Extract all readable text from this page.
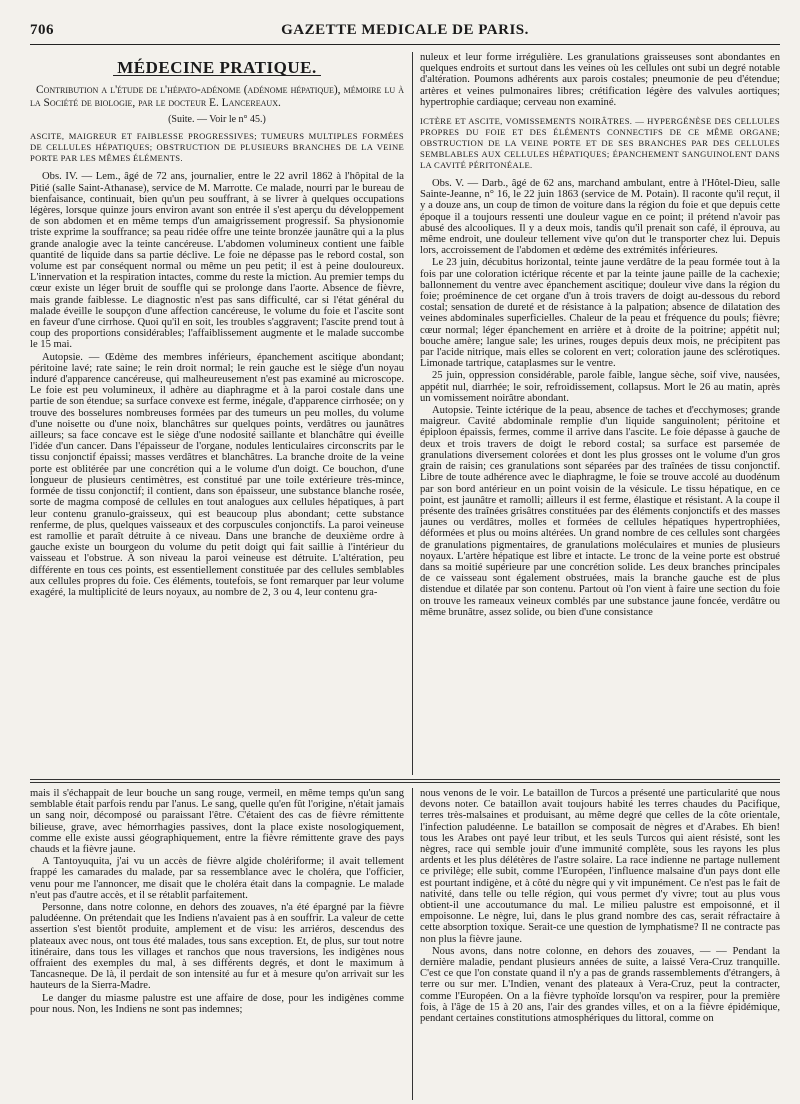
706	GAZETTE MEDICALE DE PARIS.
MÉDECINE PRATIQUE.
Contribution a l'étude de l'hépato-adénome (adénome hépatique), mémoire lu à la Société de biologie, par le docteur E. Lancereaux.
(Suite. — Voir le n° 45.)
ASCITE, MAIGREUR ET FAIBLESSE PROGRESSIVES; TUMEURS MULTIPLES FORMÉES DE CELLULES HÉPATIQUES; OBSTRUCTION DE PLUSIEURS BRANCHES DE LA VEINE PORTE PAR LES MÊMES ÉLÉMENTS.

Obs. IV. — Lem., âgé de 72 ans, journalier, entre le 22 avril 1862 à l'hôpital de la Pitié (salle Saint-Athanase), service de M. Marrotte. Ce malade, nourri par le bureau de bienfaisance, continuait, bien qu'un peu souffrant, à se livrer à quelques occupations légères, lorsque quinze jours environ avant son entrée il s'est aperçu du développement de son abdomen et en même temps d'un amaigrissement progressif. Sa physionomie triste exprime la souffrance; sa peau ridée offre une teinte bronzée jaunâtre qui a la plus grande analogie avec la teinte cancéreuse. L'abdomen volumineux contient une faible quantité de liquide dans sa partie déclive. Le foie ne dépasse pas le rebord costal, son volume est par conséquent normal ou même un peu petit; il est à peine douloureux. L'innervation et la respiration intactes, comme du reste la miction. Au premier temps du cœur existe un léger bruit de souffle qui se prolonge dans l'aorte. Absence de fièvre, mais grande faiblesse. Le diagnostic n'est pas sans difficulté, car si l'état général du malade éveille le soupçon d'une affection cancéreuse, le volume du foie et l'ascite sont en faveur d'une cirrhose. Quoi qu'il en soit, les troubles s'aggravent; l'ascite prend tout à coup des proportions considérables; l'affaiblissement augmente et le malade succombe le 15 mai.

Autopsie. — Œdème des membres inférieurs, épanchement ascitique abondant; péritoine lavé; rate saine; le rein droit normal; le rein gauche est le siège d'un noyau induré d'apparence cancéreuse, qui malheureusement n'est pas examiné au microscope. Le foie est peu volumineux, il adhère au diaphragme et à la paroi costale dans une partie de son étendue; sa surface convexe est ferme, inégale, d'apparence cirrhosée; on y trouve des bosselures nombreuses formées par des tumeurs un peu molles, du volume d'une noisette ou d'une noix, blanchâtres sur quelques points, verdâtres ou jaunâtres ailleurs; sa face concave est le siège d'une nodosité saillante et blanchâtre qui éveille l'idée d'un cancer. Dans l'épaisseur de l'organe, nodules lenticulaires circonscrits par le tissu conjonctif épaissi; masses verdâtres et blanchâtres. La branche droite de la veine porte est oblitérée par une concrétion qui a le volume d'un doigt. Ce bouchon, d'une longueur de plusieurs centimètres, est constitué par une toile extérieure très-mince, formée de tissu conjonctif; il contient, dans son épaisseur, une substance blanche rosée, sorte de magma composé de cellules en tout analogues aux cellules hépatiques, à part leur contenu granulo-graisseux, qui est beaucoup plus abondant; cette substance renferme, de plus, quelques vaisseaux et des corpuscules conjonctifs. La paroi veineuse est ramollie et paraît détruite à ce niveau. Dans une branche de deuxième ordre à gauche existe un bourgeon du volume du petit doigt qui fait saillie à l'intérieur du vaisseau et l'obstrue. A son niveau la paroi veineuse est détruite. L'altération, peu différente en tous ces points, est essentiellement constituée par des cellules semblables aux cellules propres du foie. Ces éléments, toutefois, se font remarquer par leur volume exagéré, la multiplicité de leurs noyaux, au nombre de 2, 3 ou 4, leur contenu gra-

nuleux et leur forme irrégulière. Les granulations graisseuses sont abondantes en quelques endroits et surtout dans les veines où les cellules ont subi un degré notable d'altération. Poumons adhérents aux parois costales; pneumonie de peu d'étendue; artères et veines pulmonaires libres; crétification légère des valvules aortiques; hypertrophie cardiaque; cerveau non examiné.

ICTÈRE ET ASCITE, VOMISSEMENTS NOIRÂTRES. — HYPERGÉNÈSE DES CELLULES PROPRES DU FOIE ET DES ÉLÉMENTS CONNECTIFS DE CE MÊME ORGANE; OBSTRUCTION DE LA VEINE PORTE ET DE SES BRANCHES PAR DES CELLULES SEMBLABLES AUX CELLULES HÉPATIQUES; ÉPANCHEMENT SANGUINOLENT DANS LA CAVITÉ PÉRITONÉALE.

Obs. V. — Darb., âgé de 62 ans, marchand ambulant, entre à l'Hôtel-Dieu, salle Sainte-Jeanne, n° 16, le 22 juin 1863 (service de M. Potain). Il raconte qu'il reçut, il y a douze ans, un coup de timon de voiture dans la région du foie et que depuis cette époque il a toujours ressenti une douleur vague en ce point; il prétend n'avoir pas abusé des alcooliques. Il y a deux mois, tandis qu'il prenait son café, il éprouva, au même endroit, une douleur tellement vive qu'on dut le transporter chez lui. Depuis lors, accroissement de l'abdomen et œdème des extrémités inférieures.

Le 23 juin, décubitus horizontal, teinte jaune verdâtre de la peau formée tout à la fois par une coloration ictérique récente et par la teinte jaune paille de la cachexie; ballonnement du ventre avec épanchement ascitique; douleur vive dans la région du foie; proéminence de cet organe d'un à trois travers de doigt au-dessous du rebord costal; sensation de dureté et de résistance à la palpation; absence de dilatation des veines abdominales superficielles. Chaleur de la peau et fréquence du pouls; fièvre; cœur normal; léger épanchement en arrière et à droite de la poitrine; appétit nul; bouche amère; langue sale; les urines, rouges depuis deux mois, ne précipitent pas par l'acide nitrique, mais elles se colorent en vert; coloration jaune des sclérotiques. Limonade tartrique, cataplasmes sur le ventre.

25 juin, oppression considérable, parole faible, langue sèche, soif vive, nausées, appétit nul, diarrhée; le soir, refroidissement, collapsus. Mort le 26 au matin, après un vomissement noirâtre abondant.

Autopsie. Teinte ictérique de la peau, absence de taches et d'ecchymoses; grande maigreur. Cavité abdominale remplie d'un liquide sanguinolent; péritoine et épiploon épaissis, fermes, comme il arrive dans l'ascite. Le foie dépasse à gauche de deux et trois travers de doigt le rebord costal; sa surface est parsemée de granulations diversement colorées et dont les plus grosses ont le volume d'un gros grain de raisin; ces granulations sont séparées par des traînées de tissu conjonctif. Libre de toute adhérence avec le diaphragme, le foie se trouve accolé au duodénum par son bord antérieur en un point voisin de la vésicule. Le tissu hépatique, en ce point, est jaunâtre et ramolli; ailleurs il est ferme, élastique et résistant. A la coupe il présente des traînées grisâtres constituées par des éléments conjonctifs et des masses jaunes ou verdâtres, molles et formées de cellules hépatiques hypertrophiées, déformées et plus ou moins altérées. Un grand nombre de ces cellules sont chargées de granulations pigmentaires, de granulations moléculaires et munies de plusieurs noyaux. L'artère hépatique est libre et intacte. Le tronc de la veine porte est obstrué dans sa moitié supérieure par une concrétion solide. Les deux branches principales de ce vaisseau sont également obstruées, mais la branche gauche est de plus distendue et dilatée par son contenu. Partout où l'on vient à faire une section du foie on trouve les rameaux veineux comblés par une substance jaune foncée, verdâtre ou même brunâtre, assez solide, ou bien d'une consistance

mais il s'échappait de leur bouche un sang rouge, vermeil, en même temps qu'un sang semblable était parfois rendu par l'anus. Le sang, quelle qu'en fût l'origine, n'était jamais un sang noir, décomposé ou paraissant l'être. C'étaient des cas de fièvre rémittente bilieuse, grave, avec hémorrhagies passives, dont la place existe nosologiquement, comme elle existe aussi géographiquement, entre la fièvre rémittente grave des pays chauds et la fièvre jaune.

A Tantoyuquita, j'ai vu un accès de fièvre algide cholériforme; il avait tellement frappé les camarades du malade, par sa ressemblance avec le choléra, que l'officier, venu pour me l'annoncer, me disait que le choléra était dans la compagnie. Le malade n'eut pas d'autre accès, et il se rétablit parfaitement.

Personne, dans notre colonne, en dehors des zouaves, n'a été épargné par la fièvre paludéenne. On prétendait que les Indiens n'avaient pas à en souffrir. La valeur de cette assertion s'est bientôt produite, amplement et de visu: les arriéros, descendus des plateaux avec nous, ont tous été malades, tous sans exception. Et, de plus, sur tout notre itinéraire, dans tous les villages et ranchos que nous traversions, les indigènes nous offraient des exemples du mal, à ses différents degrés, et dont le maximum à Tancasneque. De là, il perdait de son intensité au fur et à mesure qu'on arrivait sur les hauteurs de la Sierra-Madre.

Le danger du miasme palustre est une affaire de dose, pour les indigènes comme pour nous. Non, les Indiens ne sont pas indemnes;

nous venons de le voir. Le bataillon de Turcos a présenté une particularité que nous devons noter. Ce bataillon avait toujours habité les terres chaudes du Pacifique, terres très-malsaines et produisant, au même degré que celles de la côte orientale, l'infection paludéenne. Le bataillon se composait de nègres et d'Arabes. Eh bien! tous les Arabes ont payé leur tribut, et les seuls Turcos qui aient résisté, sont les nègres, race qui semble jouir d'une immunité complète, sous les rayons les plus ardents et les plus délétères de l'astre solaire. La race indienne ne partage nullement ce privilège; elle subit, comme l'Européen, l'influence malsaine d'un pays dont elle est pourtant indigène, et à côté du nègre qui y vit impunément. Ce n'est pas le fait de nativité, dans telle ou telle région, qui vous permet d'y vivre; tout au plus vous obtient-il une accoutumance du mal. Le milieu palustre est empoisonné, et il empoisonne. Le nègre, lui, dans le plus grand nombre des cas, serait réfractaire à cette absorption toxique. Serait-ce une question de lymphatisme? Il ne contracte pas non plus la fièvre jaune.

Nous avons, dans notre colonne, en dehors des zouaves, — — Pendant la dernière maladie, pendant plusieurs années de suite, a laissé Vera-Cruz tranquille. C'est ce que l'on constate quand il n'y a pas de grands rassemblements d'étrangers, à terre ou sur mer. L'Indien, venant des plateaux à Vera-Cruz, peut la contracter, comme l'Européen. On a la fièvre typhoïde lorsqu'on va respirer, pour la première fois, à l'âge de 15 à 20 ans, l'air des grandes villes, et on a la fièvre épidémique, pendant certaines constitutions atmosphériques du littoral, comme on
